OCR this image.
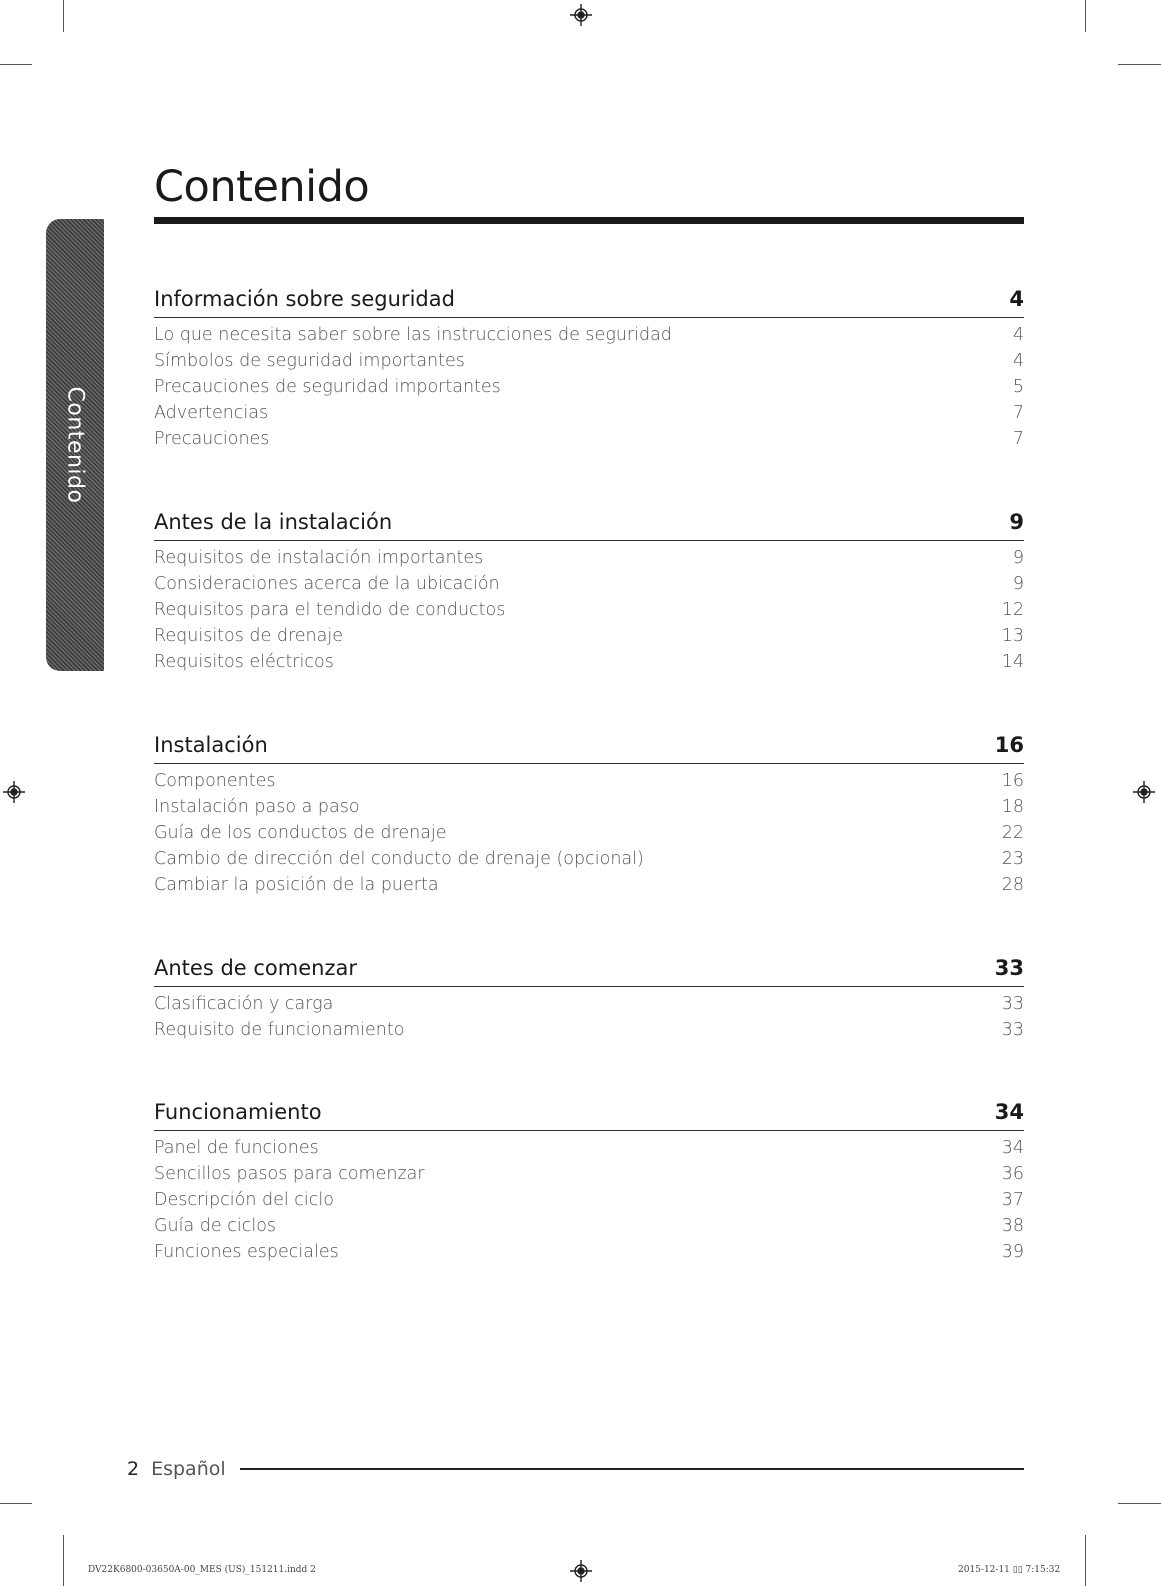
Contenido
Contenido
Información sobre seguridad	4
Lo que necesita saber sobre las instrucciones de seguridad	4
Símbolos de seguridad importantes	4
Precauciones de seguridad importantes	5
Advertencias	7
Precauciones	7
Antes de la instalación	9
Requisitos de instalación importantes	9
Consideraciones acerca de la ubicación	9
Requisitos para el tendido de conductos	12
Requisitos de drenaje	13
Requisitos eléctricos	14
Instalación	16
Componentes	16
Instalación paso a paso	18
Guía de los conductos de drenaje	22
Cambio de dirección del conducto de drenaje (opcional)	23
Cambiar la posición de la puerta	28
Antes de comenzar	33
Clasificación y carga	33
Requisito de funcionamiento	33
Funcionamiento	34
Panel de funciones	34
Sencillos pasos para comenzar	36
Descripción del ciclo	37
Guía de ciclos	38
Funciones especiales	39
2 Español
DV22K6800-03650A-00_MES (US)_151211.indd 2	2015-12-11 ▯▯ 7:15:32
